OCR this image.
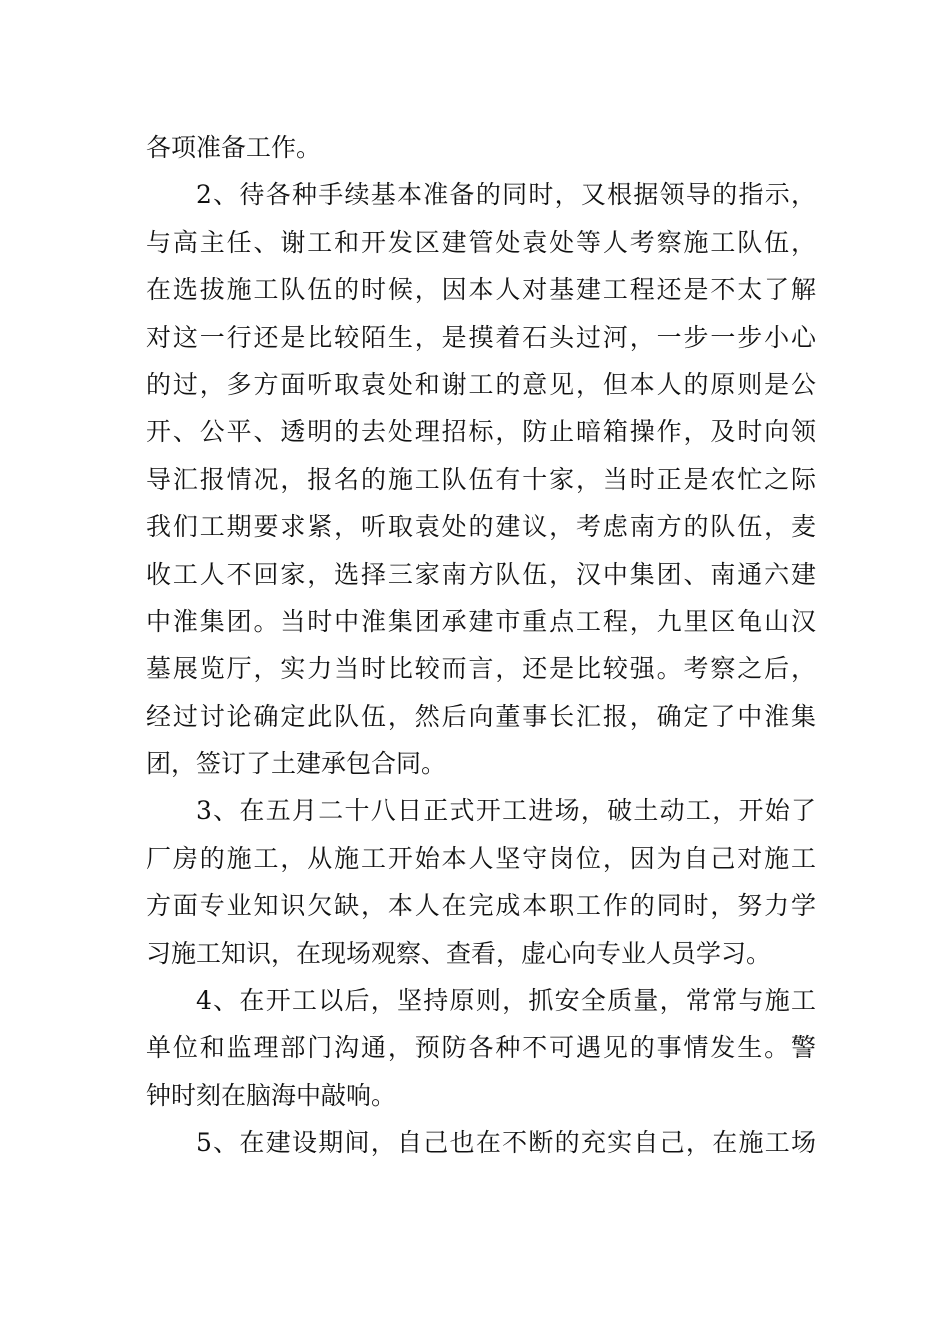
各项准备工作。
2、待各种手续基本准备的同时，又根据领导的指示，
与高主任、谢工和开发区建管处袁处等人考察施工队伍，
在选拔施工队伍的时候，因本人对基建工程还是不太了解
对这一行还是比较陌生，是摸着石头过河，一步一步小心
的过，多方面听取袁处和谢工的意见，但本人的原则是公
开、公平、透明的去处理招标，防止暗箱操作，及时向领
导汇报情况，报名的施工队伍有十家，当时正是农忙之际
我们工期要求紧，听取袁处的建议，考虑南方的队伍，麦
收工人不回家，选择三家南方队伍，汉中集团、南通六建
中淮集团。当时中淮集团承建市重点工程，九里区龟山汉
墓展览厅，实力当时比较而言，还是比较强。考察之后，
经过讨论确定此队伍，然后向董事长汇报，确定了中淮集
团，签订了土建承包合同。
3、在五月二十八日正式开工进场，破土动工，开始了
厂房的施工，从施工开始本人坚守岗位，因为自己对施工
方面专业知识欠缺，本人在完成本职工作的同时，努力学
习施工知识，在现场观察、查看，虚心向专业人员学习。
4、在开工以后，坚持原则，抓安全质量，常常与施工
单位和监理部门沟通，预防各种不可遇见的事情发生。警
钟时刻在脑海中敲响。
5、在建设期间，自己也在不断的充实自己，在施工场
